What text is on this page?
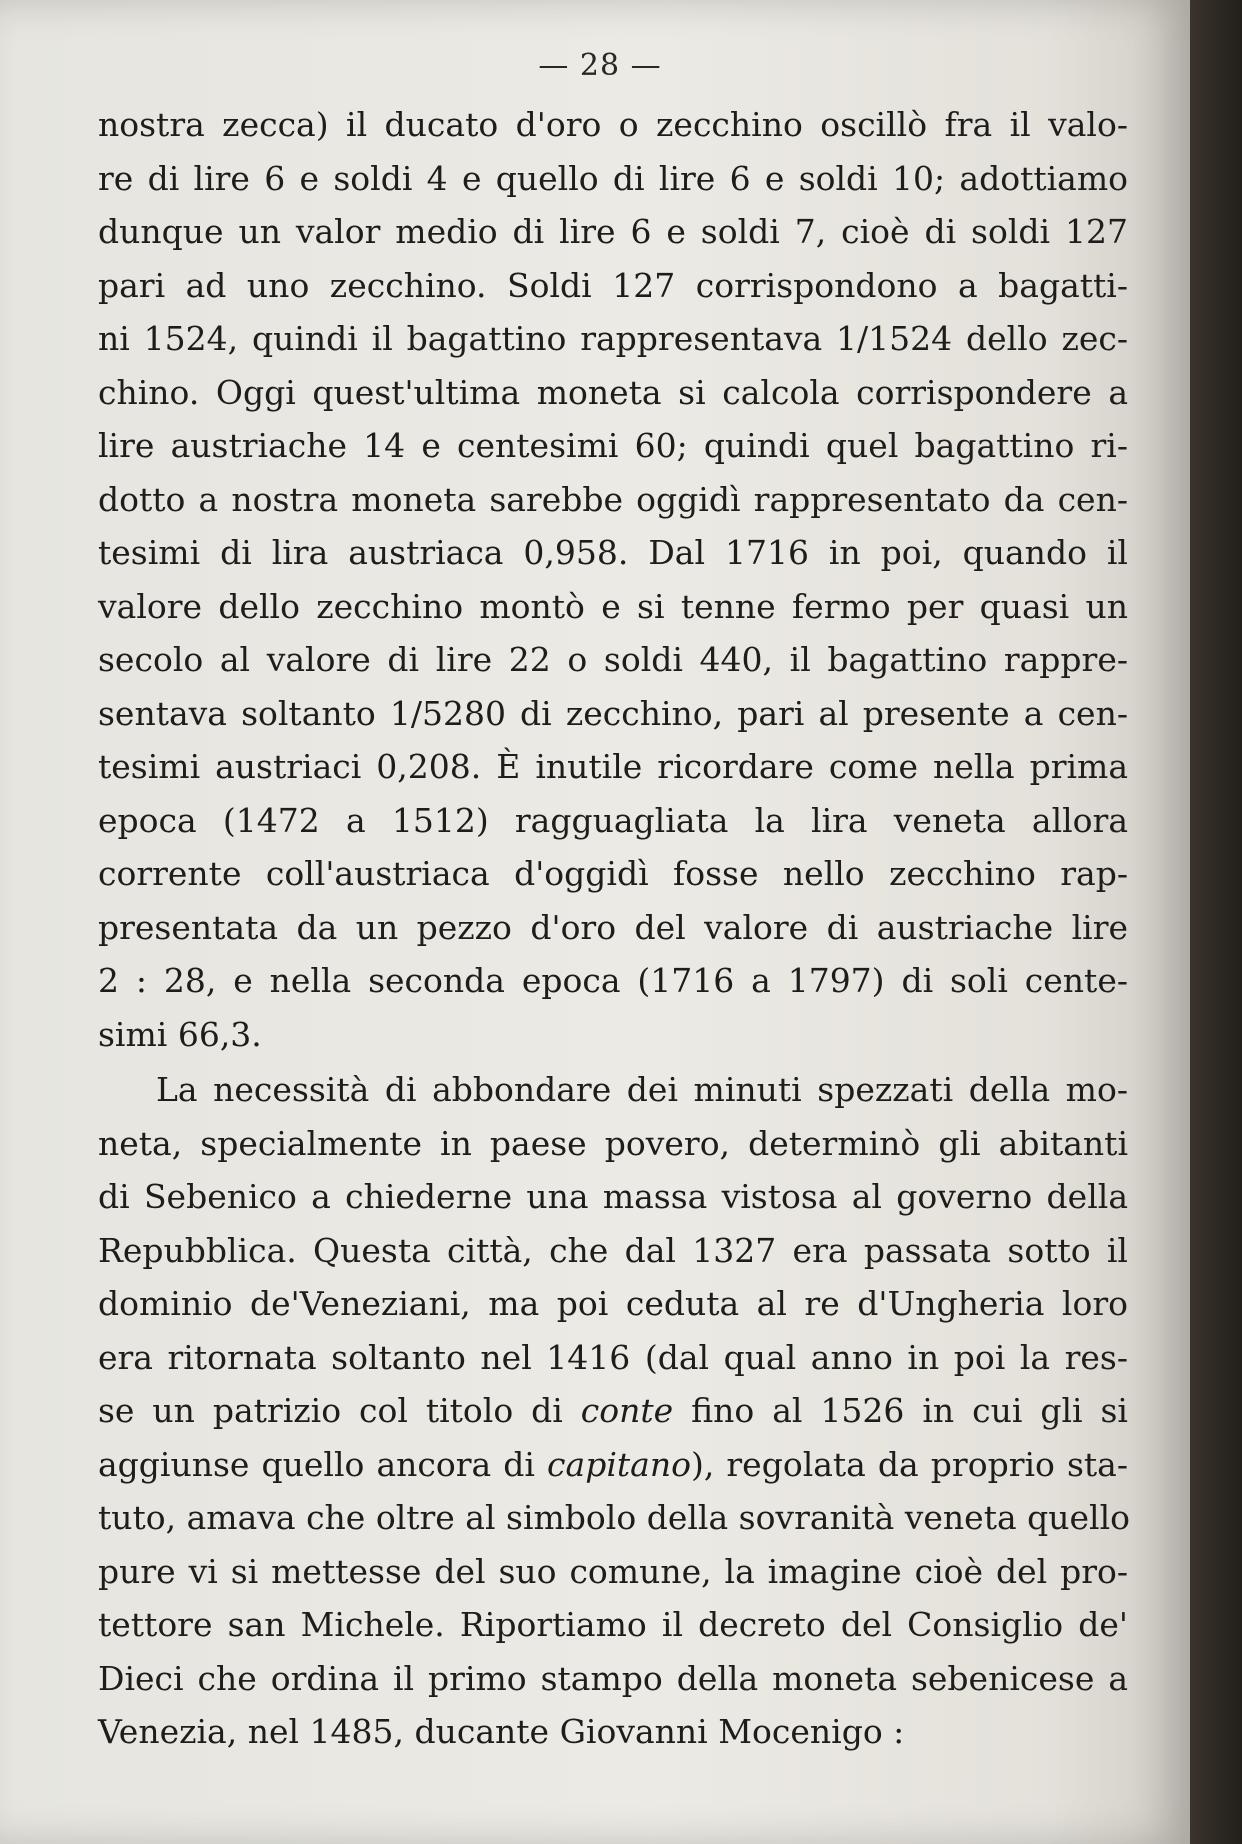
— 28 —
nostra zecca) il ducato d'oro o zecchino oscillò fra il valo-
re di lire 6 e soldi 4 e quello di lire 6 e soldi 10; adottiamo
dunque un valor medio di lire 6 e soldi 7, cioè di soldi 127
pari ad uno zecchino. Soldi 127 corrispondono a bagatti-
ni 1524, quindi il bagattino rappresentava 1/1524 dello zec-
chino. Oggi quest'ultima moneta si calcola corrispondere a
lire austriache 14 e centesimi 60; quindi quel bagattino ri-
dotto a nostra moneta sarebbe oggidì rappresentato da cen-
tesimi di lira austriaca 0,958. Dal 1716 in poi, quando il
valore dello zecchino montò e si tenne fermo per quasi un
secolo al valore di lire 22 o soldi 440, il bagattino rappre-
sentava soltanto 1/5280 di zecchino, pari al presente a cen-
tesimi austriaci 0,208. È inutile ricordare come nella prima
epoca (1472 a 1512) ragguagliata la lira veneta allora
corrente coll'austriaca d'oggidì fosse nello zecchino rap-
presentata da un pezzo d'oro del valore di austriache lire
2 : 28, e nella seconda epoca (1716 a 1797) di soli cente-
simi 66,3.
La necessità di abbondare dei minuti spezzati della mo-
neta, specialmente in paese povero, determinò gli abitanti
di Sebenico a chiederne una massa vistosa al governo della
Repubblica. Questa città, che dal 1327 era passata sotto il
dominio de'Veneziani, ma poi ceduta al re d'Ungheria loro
era ritornata soltanto nel 1416 (dal qual anno in poi la res-
se un patrizio col titolo di conte fino al 1526 in cui gli si
aggiunse quello ancora di capitano), regolata da proprio sta-
tuto, amava che oltre al simbolo della sovranità veneta quello
pure vi si mettesse del suo comune, la imagine cioè del pro-
tettore san Michele. Riportiamo il decreto del Consiglio de'
Dieci che ordina il primo stampo della moneta sebenicese a
Venezia, nel 1485, ducante Giovanni Mocenigo :
